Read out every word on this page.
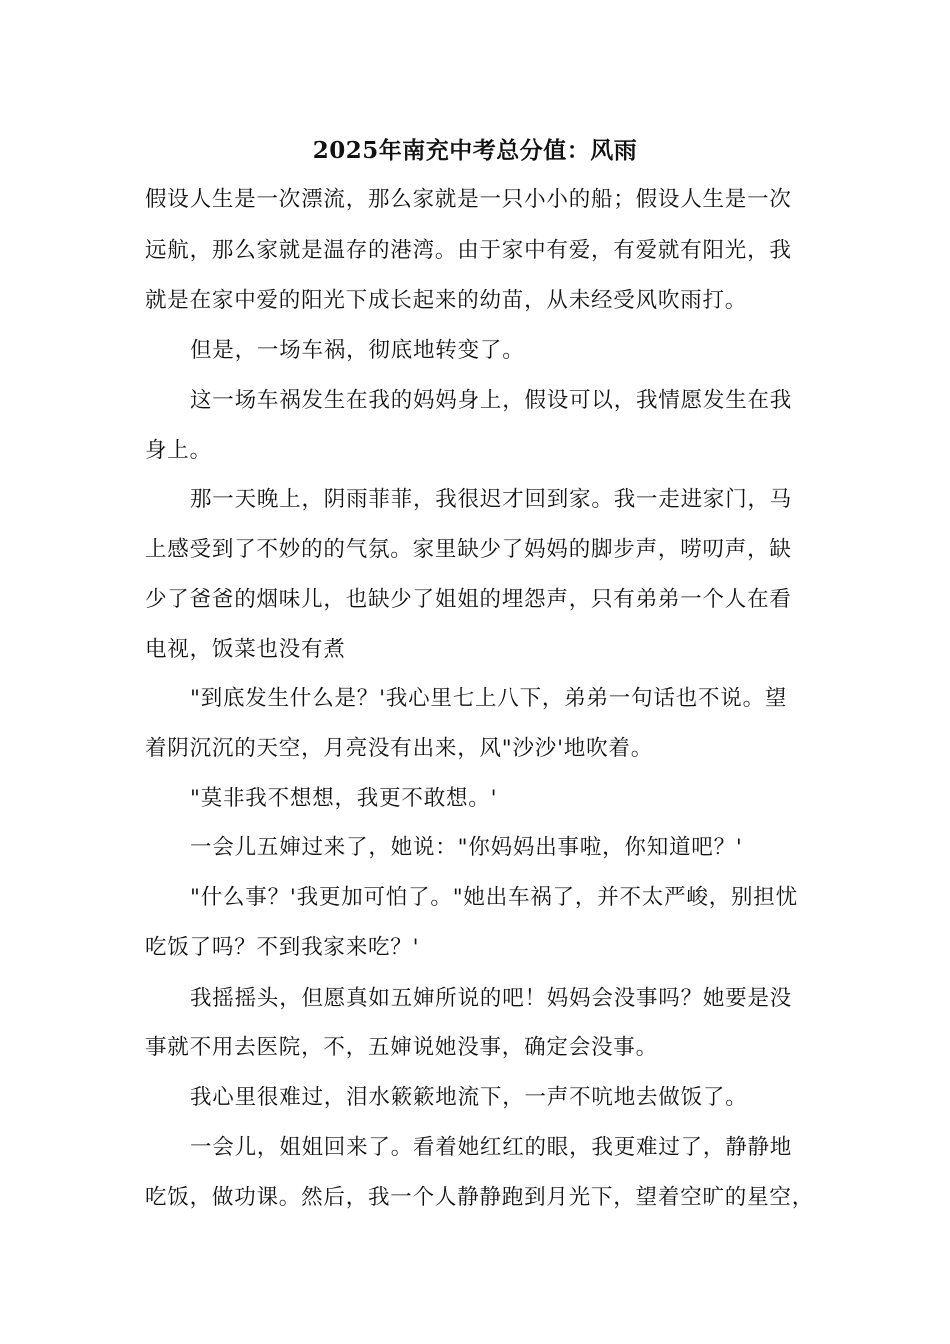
2025年南充中考总分值：风雨
假设人生是一次漂流，那么家就是一只小小的船；假设人生是一次
远航，那么家就是温存的港湾。由于家中有爱，有爱就有阳光，我
就是在家中爱的阳光下成长起来的幼苗，从未经受风吹雨打。
但是，一场车祸，彻底地转变了。
这一场车祸发生在我的妈妈身上，假设可以，我情愿发生在我
身上。
那一天晚上，阴雨菲菲，我很迟才回到家。我一走进家门，马
上感受到了不妙的的气氛。家里缺少了妈妈的脚步声，唠叨声，缺
少了爸爸的烟味儿，也缺少了姐姐的埋怨声，只有弟弟一个人在看
电视，饭菜也没有煮
"到底发生什么是？'我心里七上八下，弟弟一句话也不说。望
着阴沉沉的天空，月亮没有出来，风"沙沙'地吹着。
"莫非我不想想，我更不敢想。'
一会儿五婶过来了，她说："你妈妈出事啦，你知道吧？'
"什么事？'我更加可怕了。"她出车祸了，并不太严峻，别担忧
吃饭了吗？不到我家来吃？'
我摇摇头，但愿真如五婶所说的吧！妈妈会没事吗？她要是没
事就不用去医院，不，五婶说她没事，确定会没事。
我心里很难过，泪水簌簌地流下，一声不吭地去做饭了。
一会儿，姐姐回来了。看着她红红的眼，我更难过了，静静地
吃饭，做功课。然后，我一个人静静跑到月光下，望着空旷的星空，
